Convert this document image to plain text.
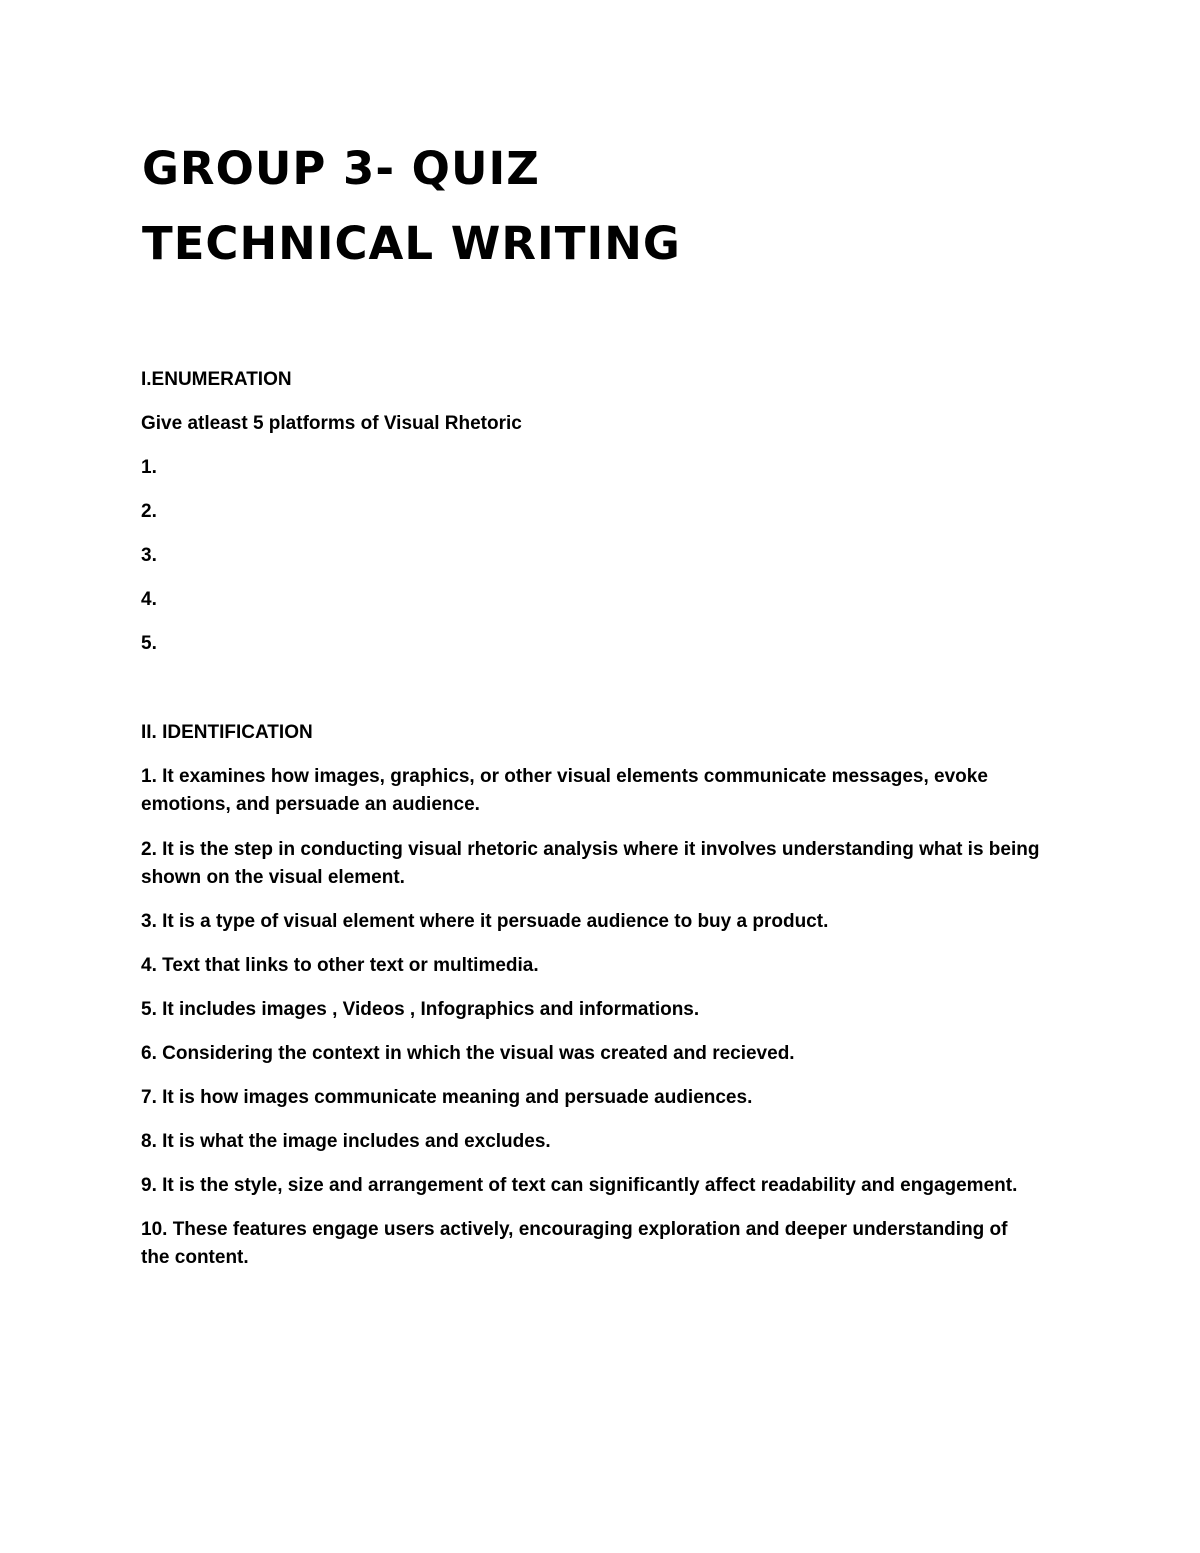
GROUP 3- QUIZ
TECHNICAL WRITING

I.ENUMERATION

Give atleast 5 platforms of Visual Rhetoric

1.

2.

3.

4.

5.

II. IDENTIFICATION

1. It examines how images, graphics, or other visual elements communicate messages, evoke emotions, and persuade an audience.

2. It is the step in conducting visual rhetoric analysis where it involves understanding what is being shown on the visual element.

3. It is a type of visual element where it persuade audience to buy a product.

4. Text that links to other text or multimedia.

5. It includes images , Videos , Infographics and informations.

6. Considering the context in which the visual was created and recieved.

7. It is how images communicate meaning and persuade audiences.

8. It is what the image includes and excludes.

9. It is the style, size and arrangement of text can significantly affect readability and engagement.

10. These features engage users actively, encouraging exploration and deeper understanding of the content.
